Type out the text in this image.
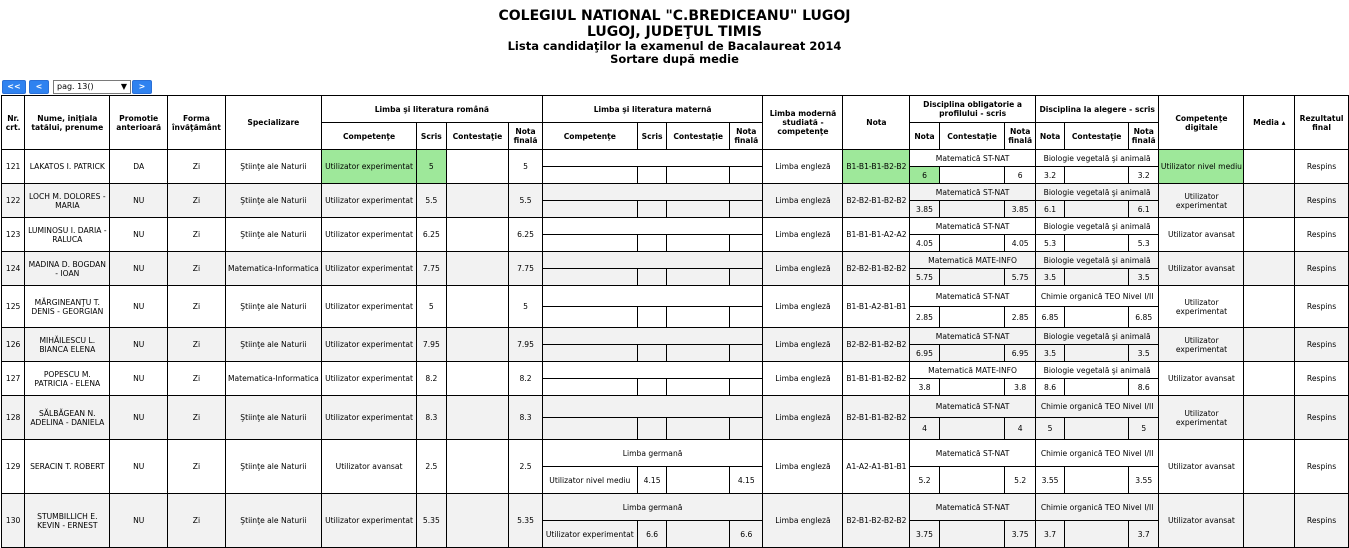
COLEGIUL NATIONAL "C.BREDICEANU" LUGOJ
LUGOJ, JUDEŢUL TIMIS
Lista candidaţilor la examenul de Bacalaureat 2014
Sortare după medie
<<	<	pag. 13()	▼	>
Nr. crt.	Nume, iniţiala tatălui, prenume	Promotie anterioară	Forma învăţământ	Specializare	Limba şi literatura română				Limba şi literatura maternă				Limba modernă studiată - competenţe	Nota	Disciplina obligatorie a profilului - scris			Disciplina la alegere - scris			Competenţe digitale	Media ▴	Rezultatul final
					Competenţe	Scris	Contestaţie	Nota finală	Competenţe	Scris	Contestaţie	Nota finală			Nota	Contestaţie	Nota finală	Nota	Contestaţie	Nota finală			
121	LAKATOS I. PATRICK	DA	Zi	Ştiinţe ale Naturii	Utilizator experimentat	5		5					Limba engleză	B1-B1-B1-B2-B2	Matematică ST-NAT			Biologie vegetală şi animală			Utilizator nivel mediu		Respins
															6		6	3.2		3.2			
122	LOCH M. DOLORES - MARIA	NU	Zi	Ştiinţe ale Naturii	Utilizator experimentat	5.5		5.5					Limba engleză	B2-B2-B1-B2-B2	Matematică ST-NAT			Biologie vegetală şi animală			Utilizator experimentat		Respins
															3.85		3.85	6.1		6.1			
123	LUMINOSU I. DARIA - RALUCA	NU	Zi	Ştiinţe ale Naturii	Utilizator experimentat	6.25		6.25					Limba engleză	B1-B1-B1-A2-A2	Matematică ST-NAT			Biologie vegetală şi animală			Utilizator avansat		Respins
															4.05		4.05	5.3		5.3			
124	MADINA D. BOGDAN - IOAN	NU	Zi	Matematica-Informatica	Utilizator experimentat	7.75		7.75					Limba engleză	B2-B2-B1-B2-B2	Matematică MATE-INFO			Biologie vegetală şi animală			Utilizator avansat		Respins
															5.75		5.75	3.5		3.5			
125	MĂRGINEANŢU T. DENIS - GEORGIAN	NU	Zi	Ştiinţe ale Naturii	Utilizator experimentat	5		5					Limba engleză	B1-B1-A2-B1-B1	Matematică ST-NAT			Chimie organică TEO Nivel I/II			Utilizator experimentat		Respins
															2.85		2.85	6.85		6.85			
126	MIHĂILESCU L. BIANCA ELENA	NU	Zi	Ştiinţe ale Naturii	Utilizator experimentat	7.95		7.95					Limba engleză	B2-B2-B1-B2-B2	Matematică ST-NAT			Biologie vegetală şi animală			Utilizator experimentat		Respins
															6.95		6.95	3.5		3.5			
127	POPESCU M. PATRICIA - ELENA	NU	Zi	Matematica-Informatica	Utilizator experimentat	8.2		8.2					Limba engleză	B1-B1-B1-B2-B2	Matematică MATE-INFO			Biologie vegetală şi animală			Utilizator avansat		Respins
															3.8		3.8	8.6		8.6			
128	SĂLBĂGEAN N. ADELINA - DANIELA	NU	Zi	Ştiinţe ale Naturii	Utilizator experimentat	8.3		8.3					Limba engleză	B2-B1-B1-B2-B2	Matematică ST-NAT			Chimie organică TEO Nivel I/II			Utilizator experimentat		Respins
															4		4	5		5			
129	SERACIN T. ROBERT	NU	Zi	Ştiinţe ale Naturii	Utilizator avansat	2.5		2.5	Limba germană				Limba engleză	A1-A2-A1-B1-B1	Matematică ST-NAT			Chimie organică TEO Nivel I/II			Utilizator avansat		Respins
									Utilizator nivel mediu	4.15		4.15			5.2		5.2	3.55		3.55			
130	STUMBILLICH E. KEVIN - ERNEST	NU	Zi	Ştiinţe ale Naturii	Utilizator experimentat	5.35		5.35	Limba germană				Limba engleză	B2-B1-B2-B2-B2	Matematică ST-NAT			Chimie organică TEO Nivel I/II			Utilizator avansat		Respins
									Utilizator experimentat	6.6		6.6			3.75		3.75	3.7		3.7			
